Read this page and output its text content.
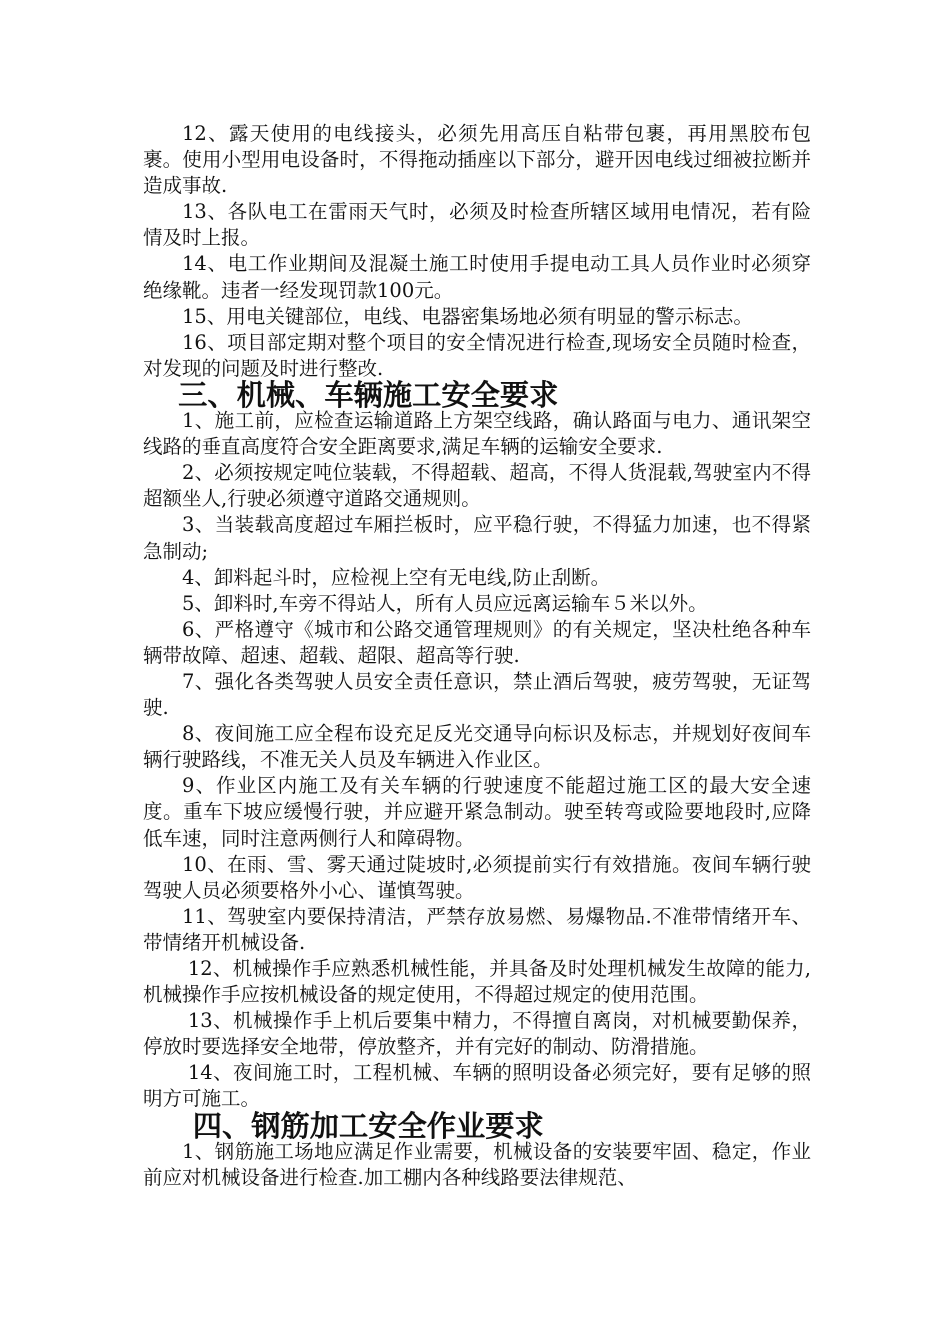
12、露天使用的电线接头，必须先用高压自粘带包裹，再用黑胶布包裹。使用小型用电设备时，不得拖动插座以下部分，避开因电线过细被拉断并造成事故.

13、各队电工在雷雨天气时，必须及时检查所辖区域用电情况，若有险情及时上报。

14、电工作业期间及混凝土施工时使用手提电动工具人员作业时必须穿绝缘靴。违者一经发现罚款100元。

15、用电关键部位，电线、电器密集场地必须有明显的警示标志。

16、项目部定期对整个项目的安全情况进行检查,现场安全员随时检查，对发现的问题及时进行整改.

三、机械、车辆施工安全要求

1、施工前，应检查运输道路上方架空线路，确认路面与电力、通讯架空线路的垂直高度符合安全距离要求,满足车辆的运输安全要求.

2、必须按规定吨位装载，不得超载、超高，不得人货混载,驾驶室内不得超额坐人,行驶必须遵守道路交通规则。

3、当装载高度超过车厢拦板时，应平稳行驶，不得猛力加速，也不得紧急制动;

4、卸料起斗时，应检视上空有无电线,防止刮断。

5、卸料时,车旁不得站人，所有人员应远离运输车５米以外。

6、严格遵守《城市和公路交通管理规则》的有关规定，坚决杜绝各种车辆带故障、超速、超载、超限、超高等行驶.

7、强化各类驾驶人员安全责任意识，禁止酒后驾驶，疲劳驾驶，无证驾驶.

8、夜间施工应全程布设充足反光交通导向标识及标志，并规划好夜间车辆行驶路线，不准无关人员及车辆进入作业区。

9、作业区内施工及有关车辆的行驶速度不能超过施工区的最大安全速度。重车下坡应缓慢行驶，并应避开紧急制动。驶至转弯或险要地段时,应降低车速，同时注意两侧行人和障碍物。

10、在雨、雪、雾天通过陡坡时,必须提前实行有效措施。夜间车辆行驶驾驶人员必须要格外小心、谨慎驾驶。

11、驾驶室内要保持清洁，严禁存放易燃、易爆物品.不准带情绪开车、带情绪开机械设备.

12、机械操作手应熟悉机械性能，并具备及时处理机械发生故障的能力,机械操作手应按机械设备的规定使用，不得超过规定的使用范围。

13、机械操作手上机后要集中精力，不得擅自离岗，对机械要勤保养，停放时要选择安全地带，停放整齐，并有完好的制动、防滑措施。

14、夜间施工时，工程机械、车辆的照明设备必须完好，要有足够的照明方可施工。

四、钢筋加工安全作业要求

1、钢筋施工场地应满足作业需要，机械设备的安装要牢固、稳定，作业前应对机械设备进行检查.加工棚内各种线路要法律规范、
